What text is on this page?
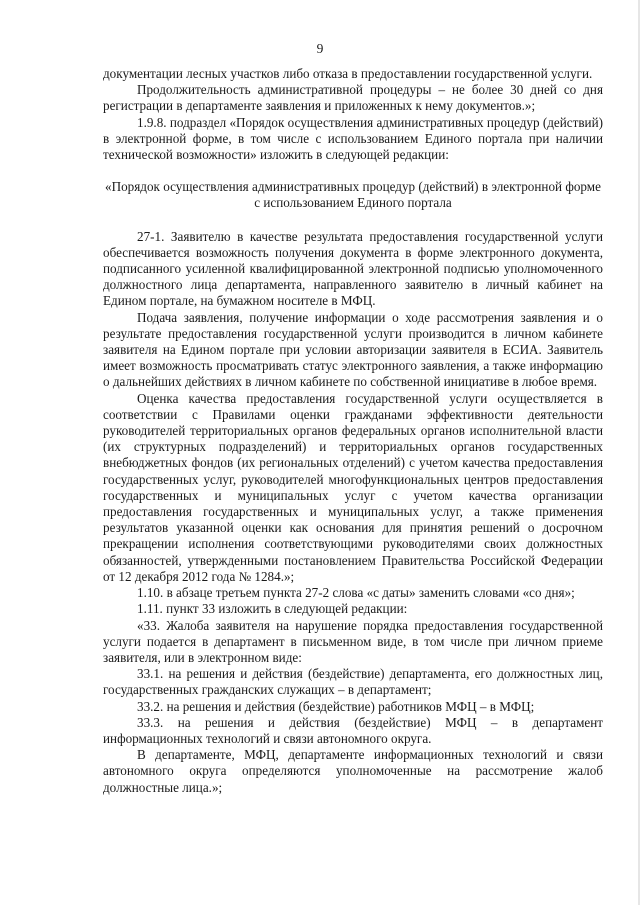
9

документации лесных участков либо отказа в предоставлении государственной услуги.

Продолжительность административной процедуры – не более 30 дней со дня регистрации в департаменте заявления и приложенных к нему документов.»;

1.9.8. подраздел «Порядок осуществления административных процедур (действий) в электронной форме, в том числе с использованием Единого портала при наличии технической возможности» изложить в следующей редакции:

«Порядок осуществления административных процедур (действий) в электронной форме с использованием Единого портала

27-1. Заявителю в качестве результата предоставления государственной услуги обеспечивается возможность получения документа в форме электронного документа, подписанного усиленной квалифицированной электронной подписью уполномоченного должностного лица департамента, направленного заявителю в личный кабинет на Едином портале, на бумажном носителе в МФЦ.

Подача заявления, получение информации о ходе рассмотрения заявления и о результате предоставления государственной услуги производится в личном кабинете заявителя на Едином портале при условии авторизации заявителя в ЕСИА. Заявитель имеет возможность просматривать статус электронного заявления, а также информацию о дальнейших действиях в личном кабинете по собственной инициативе в любое время.

Оценка качества предоставления государственной услуги осуществляется в соответствии с Правилами оценки гражданами эффективности деятельности руководителей территориальных органов федеральных органов исполнительной власти (их структурных подразделений) и территориальных органов государственных внебюджетных фондов (их региональных отделений) с учетом качества предоставления государственных услуг, руководителей многофункциональных центров предоставления государственных и муниципальных услуг с учетом качества организации предоставления государственных и муниципальных услуг, а также применения результатов указанной оценки как основания для принятия решений о досрочном прекращении исполнения соответствующими руководителями своих должностных обязанностей, утвержденными постановлением Правительства Российской Федерации от 12 декабря 2012 года № 1284.»;

1.10. в абзаце третьем пункта 27-2 слова «с даты» заменить словами «со дня»;

1.11. пункт 33 изложить в следующей редакции:

«33. Жалоба заявителя на нарушение порядка предоставления государственной услуги подается в департамент в письменном виде, в том числе при личном приеме заявителя, или в электронном виде:

33.1. на решения и действия (бездействие) департамента, его должностных лиц, государственных гражданских служащих – в департамент;

33.2. на решения и действия (бездействие) работников МФЦ – в МФЦ;

33.3. на решения и действия (бездействие) МФЦ – в департамент информационных технологий и связи автономного округа.

В департаменте, МФЦ, департаменте информационных технологий и связи автономного округа определяются уполномоченные на рассмотрение жалоб должностные лица.»;
